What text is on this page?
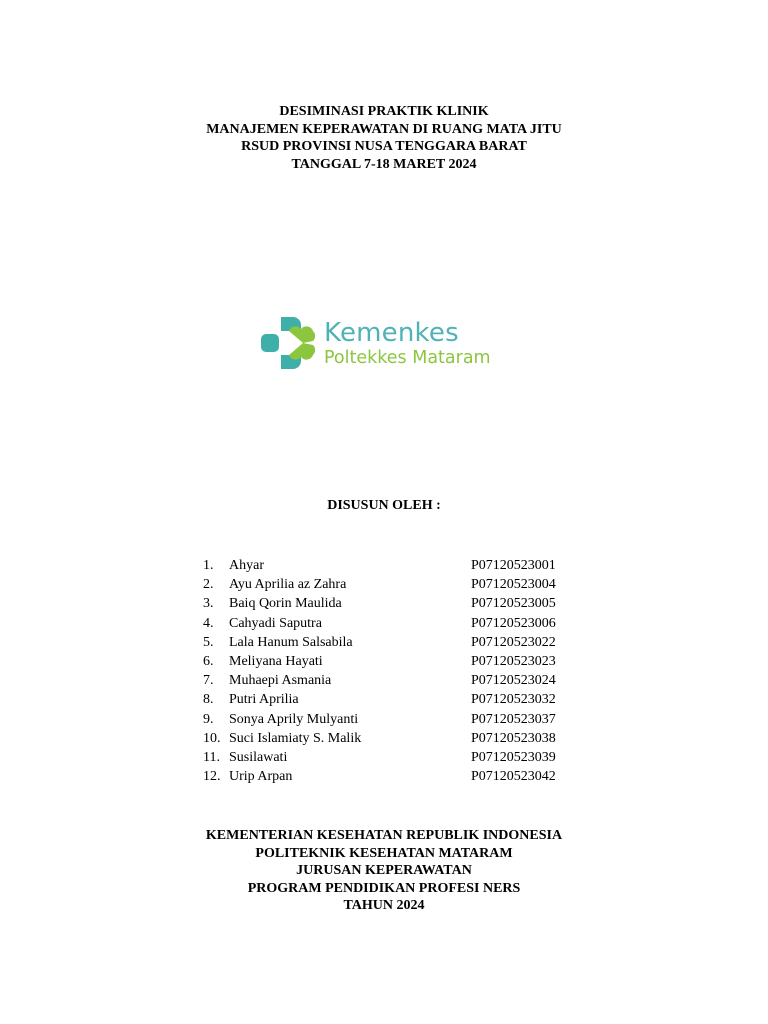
DESIMINASI PRAKTIK KLINIK
MANAJEMEN KEPERAWATAN DI RUANG MATA JITU
RSUD PROVINSI NUSA TENGGARA BARAT
TANGGAL 7-18 MARET 2024
Kemenkes
Poltekkes Mataram
DISUSUN OLEH :
1.	Ahyar	P07120523001
2.	Ayu Aprilia az Zahra	P07120523004
3.	Baiq Qorin Maulida	P07120523005
4.	Cahyadi Saputra	P07120523006
5.	Lala Hanum Salsabila	P07120523022
6.	Meliyana Hayati	P07120523023
7.	Muhaepi Asmania	P07120523024
8.	Putri Aprilia	P07120523032
9.	Sonya Aprily Mulyanti	P07120523037
10. Suci Islamiaty S. Malik	P07120523038
11. Susilawati	P07120523039
12. Urip Arpan	P07120523042
KEMENTERIAN KESEHATAN REPUBLIK INDONESIA
POLITEKNIK KESEHATAN MATARAM
JURUSAN KEPERAWATAN
PROGRAM PENDIDIKAN PROFESI NERS
TAHUN 2024
